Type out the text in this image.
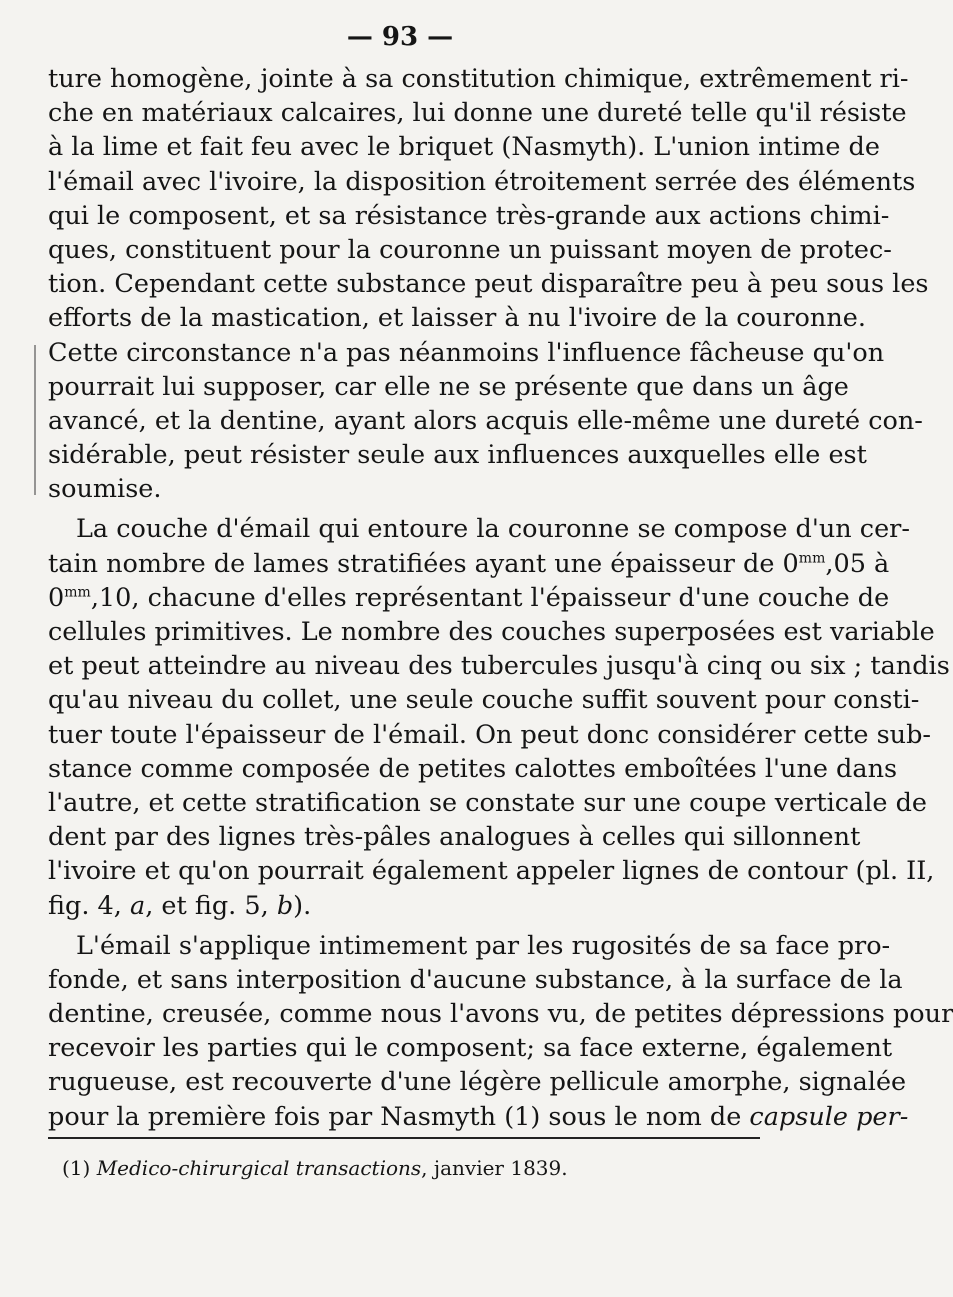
— 93 —
ture homogène, jointe à sa constitution chimique, extrêmement ri-
che en matériaux calcaires, lui donne une dureté telle qu'il résiste
à la lime et fait feu avec le briquet (Nasmyth). L'union intime de
l'émail avec l'ivoire, la disposition étroitement serrée des éléments
qui le composent, et sa résistance très-grande aux actions chimi-
ques, constituent pour la couronne un puissant moyen de protec-
tion. Cependant cette substance peut disparaître peu à peu sous les
efforts de la mastication, et laisser à nu l'ivoire de la couronne.
Cette circonstance n'a pas néanmoins l'influence fâcheuse qu'on
pourrait lui supposer, car elle ne se présente que dans un âge
avancé, et la dentine, ayant alors acquis elle-même une dureté con-
sidérable, peut résister seule aux influences auxquelles elle est
soumise.
La couche d'émail qui entoure la couronne se compose d'un cer-
tain nombre de lames stratifiées ayant une épaisseur de $0^{mm},05$ à
$0^{mm},10$, chacune d'elles représentant l'épaisseur d'une couche de
cellules primitives. Le nombre des couches superposées est variable
et peut atteindre au niveau des tubercules jusqu'à cinq ou six ; tandis
qu'au niveau du collet, une seule couche suffit souvent pour consti-
tuer toute l'épaisseur de l'émail. On peut donc considérer cette sub-
stance comme composée de petites calottes emboîtées l'une dans
l'autre, et cette stratification se constate sur une coupe verticale de
dent par des lignes très-pâles analogues à celles qui sillonnent
l'ivoire et qu'on pourrait également appeler lignes de contour (pl. II,
fig. 4, a, et fig. 5, b).
L'émail s'applique intimement par les rugosités de sa face pro-
fonde, et sans interposition d'aucune substance, à la surface de la
dentine, creusée, comme nous l'avons vu, de petites dépressions pour
recevoir les parties qui le composent; sa face externe, également
rugueuse, est recouverte d'une légère pellicule amorphe, signalée
pour la première fois par Nasmyth (1) sous le nom de capsule per-
(1) Medico-chirurgical transactions, janvier 1839.
